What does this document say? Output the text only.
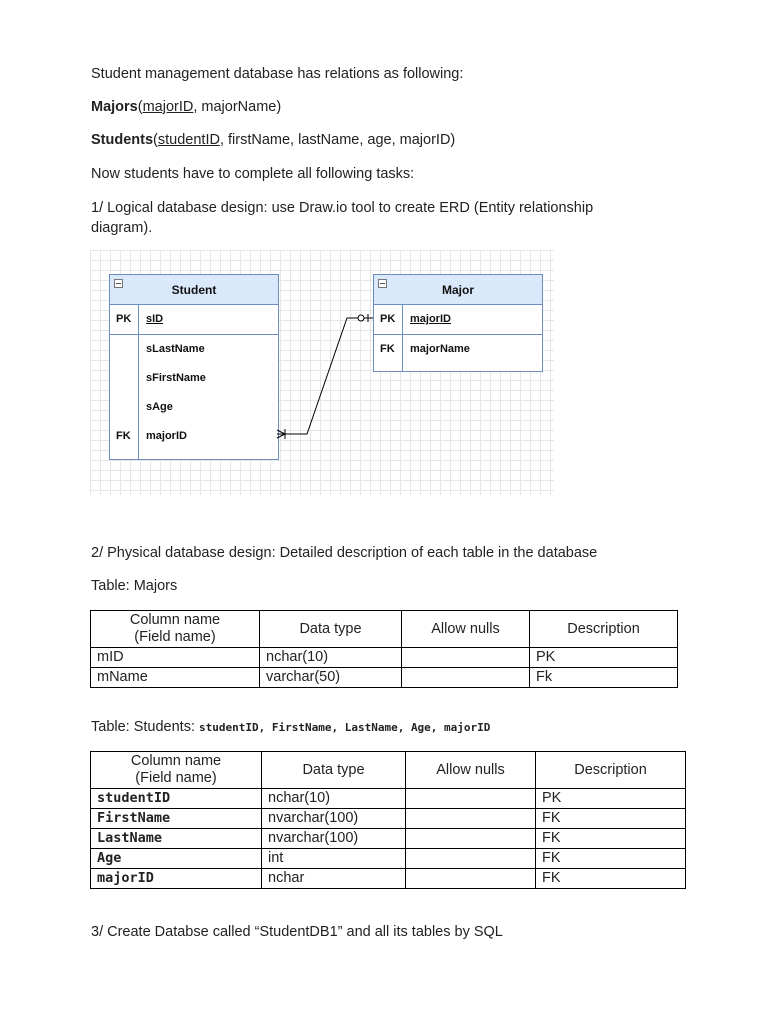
Student management database has relations as following:
Majors(majorID, majorName)
Students(studentID, firstName, lastName, age, majorID)
Now students have to complete all following tasks:
1/ Logical database design: use Draw.io tool to create ERD (Entity relationship
diagram).
Student
PK sID
sLastName
sFirstName
sAge
FK majorID
Major
PK majorID
FK majorName
2/ Physical database design: Detailed description of each table in the database
Table: Majors
Column name
(Field name)	Data type	Allow nulls	Description
mID	nchar(10)		PK
mName	varchar(50)		Fk
Table: Students: studentID, FirstName, LastName, Age, majorID
Column name
(Field name)	Data type	Allow nulls	Description
studentID	nchar(10)		PK
FirstName	nvarchar(100)		FK
LastName	nvarchar(100)		FK
Age	int		FK
majorID	nchar		FK
3/ Create Databse called “StudentDB1” and all its tables by SQL
